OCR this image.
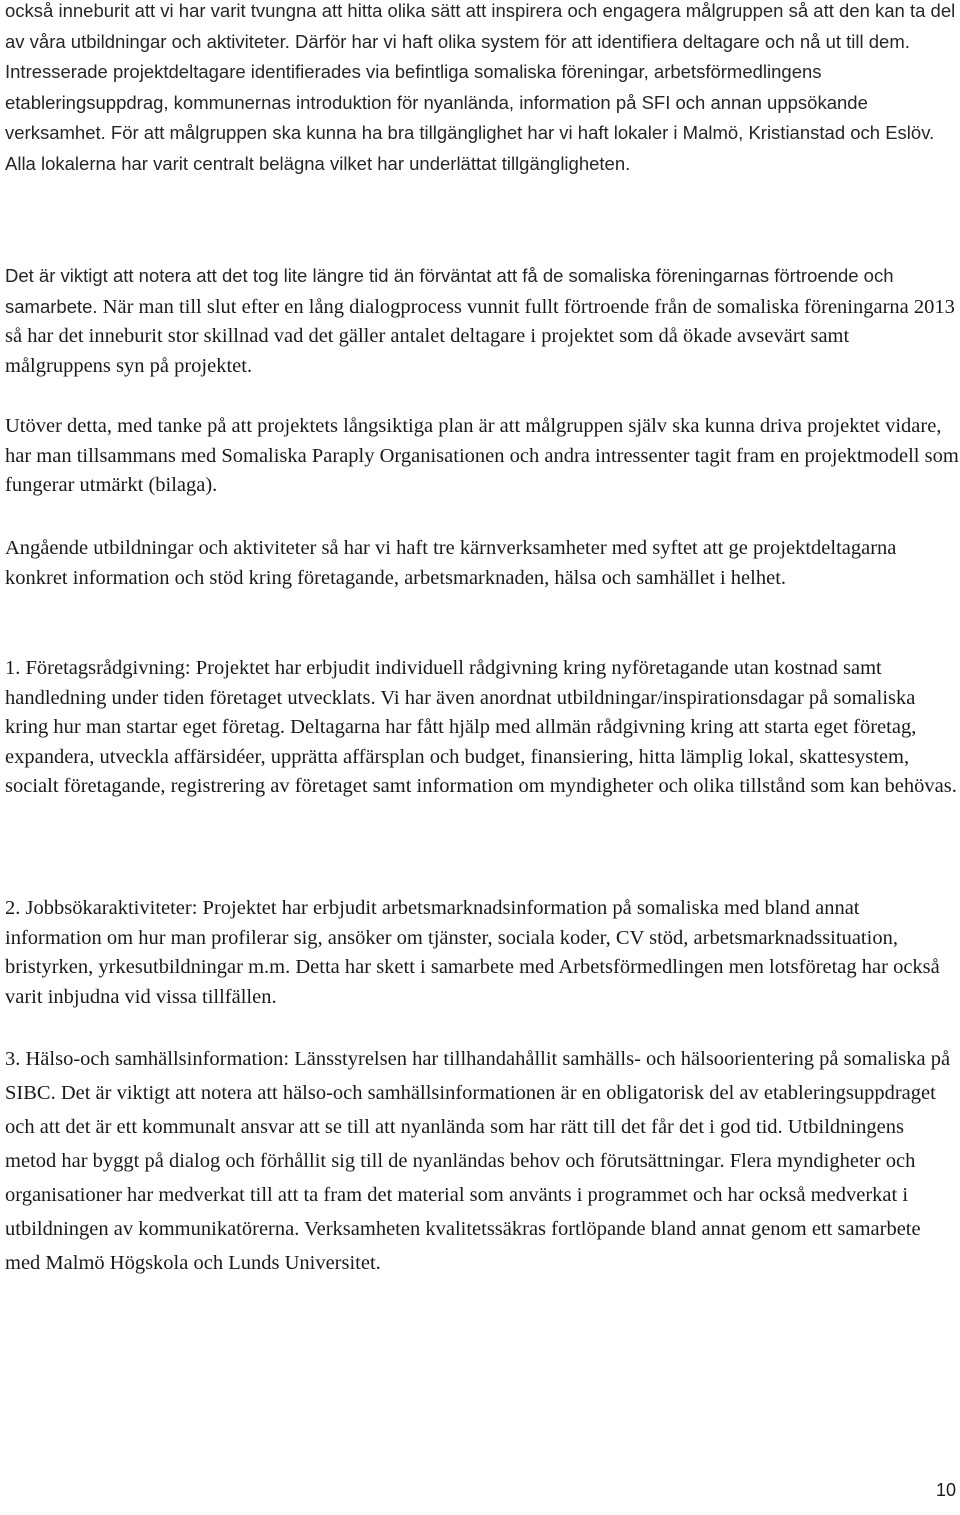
också inneburit att vi har varit tvungna att hitta olika sätt att inspirera och engagera målgruppen så att den kan ta del av våra utbildningar och aktiviteter. Därför har vi haft olika system för att identifiera deltagare och nå ut till dem. Intresserade projektdeltagare identifierades via befintliga somaliska föreningar, arbetsförmedlingens etableringsuppdrag, kommunernas introduktion för nyanlända, information på SFI och annan uppsökande verksamhet. För att målgruppen ska kunna ha bra tillgänglighet har vi haft lokaler i Malmö, Kristianstad och Eslöv. Alla lokalerna har varit centralt belägna vilket har underlättat tillgängligheten.

Det är viktigt att notera att det tog lite längre tid än förväntat att få de somaliska föreningarnas förtroende och samarbete. När man till slut efter en lång dialogprocess vunnit fullt förtroende från de somaliska föreningarna 2013 så har det inneburit stor skillnad vad det gäller antalet deltagare i projektet som då ökade avsevärt samt målgruppens syn på projektet.

Utöver detta, med tanke på att projektets långsiktiga plan är att målgruppen själv ska kunna driva projektet vidare, har man tillsammans med Somaliska Paraply Organisationen och andra intressenter tagit fram en projektmodell som fungerar utmärkt (bilaga).

Angående utbildningar och aktiviteter så har vi haft tre kärnverksamheter med syftet att ge projektdeltagarna konkret information och stöd kring företagande, arbetsmarknaden, hälsa och samhället i helhet.

1. Företagsrådgivning: Projektet har erbjudit individuell rådgivning kring nyföretagande utan kostnad samt handledning under tiden företaget utvecklats. Vi har även anordnat utbildningar/inspirationsdagar på somaliska kring hur man startar eget företag. Deltagarna har fått hjälp med allmän rådgivning kring att starta eget företag, expandera, utveckla affärsidéer, upprätta affärsplan och budget, finansiering, hitta lämplig lokal, skattesystem, socialt företagande, registrering av företaget samt information om myndigheter och olika tillstånd som kan behövas.

2. Jobbsökaraktiviteter: Projektet har erbjudit arbetsmarknadsinformation på somaliska med bland annat information om hur man profilerar sig, ansöker om tjänster, sociala koder, CV stöd, arbetsmarknadssituation, bristyrken, yrkesutbildningar m.m. Detta har skett i samarbete med Arbetsförmedlingen men lotsföretag har också varit inbjudna vid vissa tillfällen.

3. Hälso-och samhällsinformation: Länsstyrelsen har tillhandahållit samhälls- och hälsoorientering på somaliska på SIBC. Det är viktigt att notera att hälso-och samhällsinformationen är en obligatorisk del av etableringsuppdraget och att det är ett kommunalt ansvar att se till att nyanlända som har rätt till det får det i god tid. Utbildningens metod har byggt på dialog och förhållit sig till de nyanländas behov och förutsättningar. Flera myndigheter och organisationer har medverkat till att ta fram det material som använts i programmet och har också medverkat i utbildningen av kommunikatörerna. Verksamheten kvalitetssäkras fortlöpande bland annat genom ett samarbete med Malmö Högskola och Lunds Universitet.

10
